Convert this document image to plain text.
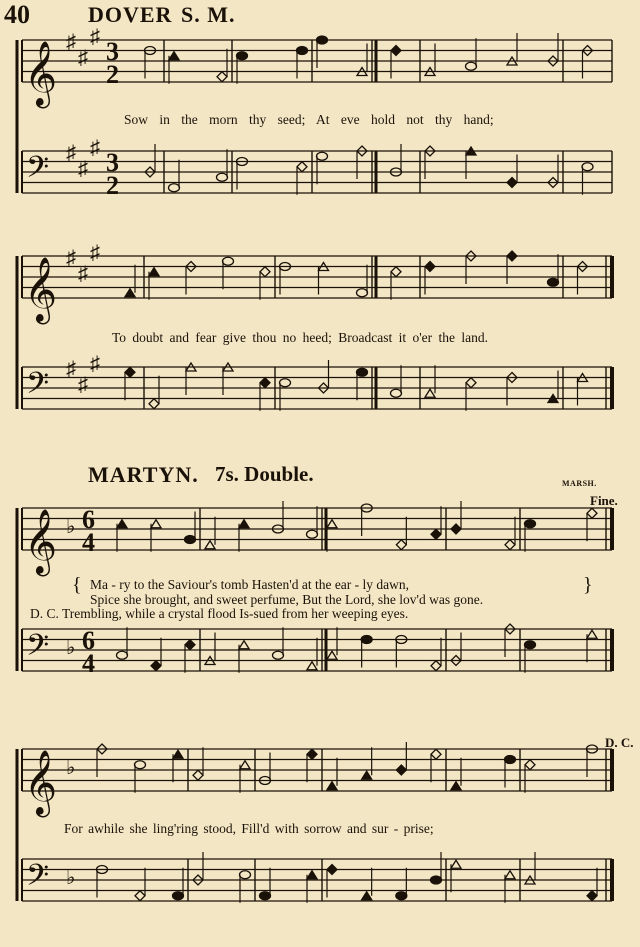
𝄞
♯
♯
♯
3
2
𝄢 ♯
♯
♯
3
2
𝄞
♯
♯
♯
𝄢 ♯
♯
♯
𝄞 ♭ 6
4
𝄢 ♭ 6
4
𝄞 ♭
𝄢 ♭
40	DOVER S. M.
Sow in the morn thy seed; At eve hold not thy hand;
To doubt and fear give thou no heed; Broadcast it o'er the land.
MARTYN. 7s. Double.	MARSH.
Fine.
D. C.
{	}
Ma - ry to the Saviour's tomb Hasten'd at the ear - ly dawn,
Spice she brought, and sweet perfume, But the Lord, she lov'd was gone.
D. C. Trembling, while a crystal flood Is-sued from her weeping eyes.
For awhile she ling'ring stood, Fill'd with sorrow and sur - prise;
